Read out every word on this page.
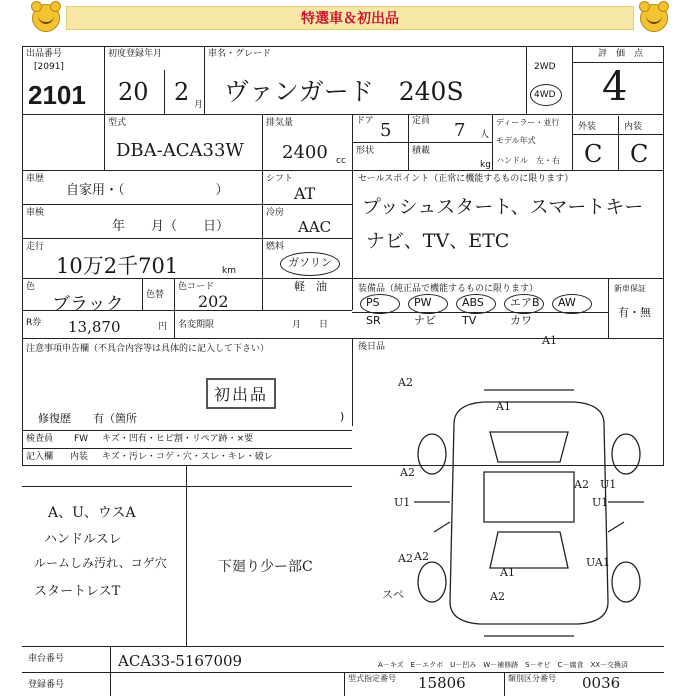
特選車＆初出品
出品番号
[2091]
2101
初度登録年月
20 2 月
車名・グレード
ヴァンガード　240S
2WD
4WD
評　価　点
4
型式
DBA-ACA33W
排気量
2400 cc
ドア 5
形状
定員 7 人
積載
kg
ディーラー・並行
モデル年式
ハンドル　左・右
外装	内装
C C
車歴
自家用・（　　　　　　　）
シフト
AT
セールスポイント（正常に機能するものに限ります）
プッシュスタート、スマートキー
ナビ、TV、ETC
車検
年　　月（　　日）
冷房
AAC
走行
10万2千701	km
燃料
ガソリン
軽　油
色
ブラック 色替
色コード
202
装備品（純正品で機能するものに限ります）	新車保証
有・無
PS	PW	ABS エアB AW
SR	ナビ TV	カワ
R券 13,870	円 名変期限	月　　日
後日品
注意事項申告欄（不具合内容等は具体的に記入して下さい）
初出品
修復歴　　有（箇所	)
検査員
記入欄
FW キズ・凹有・ヒビ割・リペア跡・×要
内装 キズ・汚レ・コゲ・穴・スレ・キレ・破レ
A、U、ウスA
ハンドルスレ
ルームしみ汚れ、コゲ穴
スタートレスT
下廻り少ー部C
A1
A2
A1
A2
U1
A2 U1
U1
A2
A1
A2
UA1
A2
スペ
車台番号	ACA33-5167009	A－キズ　E－エクボ　U－凹み　W－補修跡　S－サビ　C－腐食　XX－交換済
登録番号
型式指定番号 15806	類別区分番号 0036
